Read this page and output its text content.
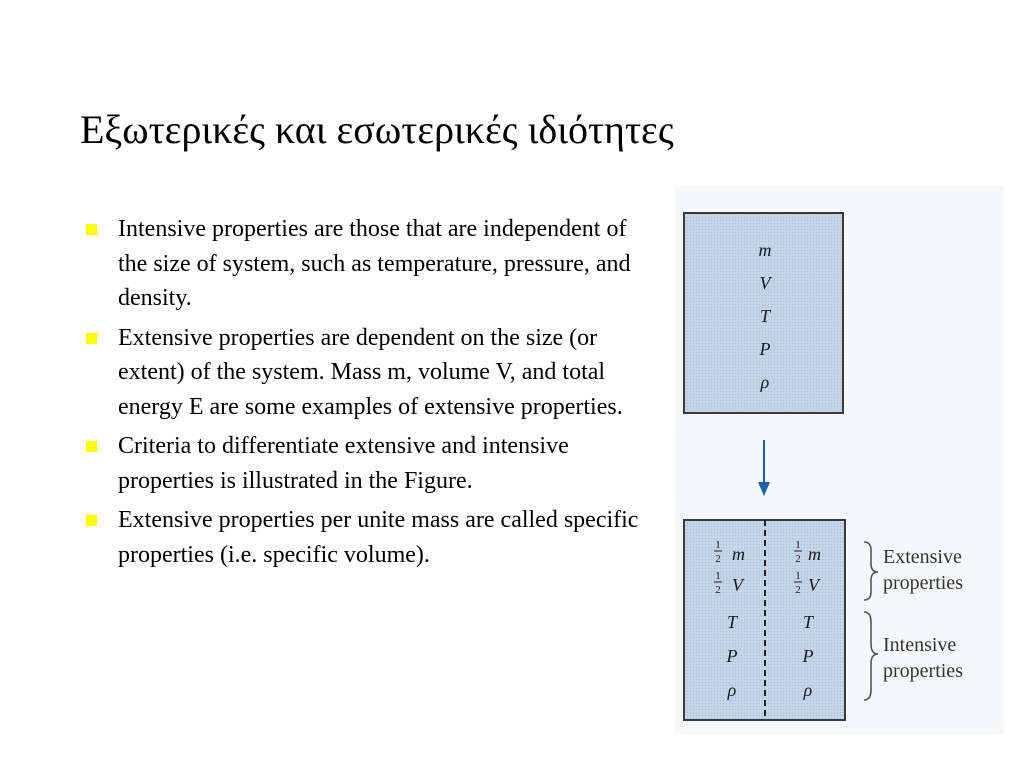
Εξωτερικές και εσωτερικές ιδιότητες
Intensive properties are those that are independent of the size of system, such as temperature, pressure, and density.
Extensive properties are dependent on the size (or extent) of the system. Mass m, volume V, and total energy E are some examples of extensive properties.
Criteria to differentiate extensive and intensive properties is illustrated in the Figure.
Extensive properties per unite mass are called specific properties (i.e. specific volume).
m
V
T
P
ρ
1
2 m
1
2 V
T
P
ρ
1
2 m
1
2 V
T
P
ρ
Extensive
properties
Intensive
properties
